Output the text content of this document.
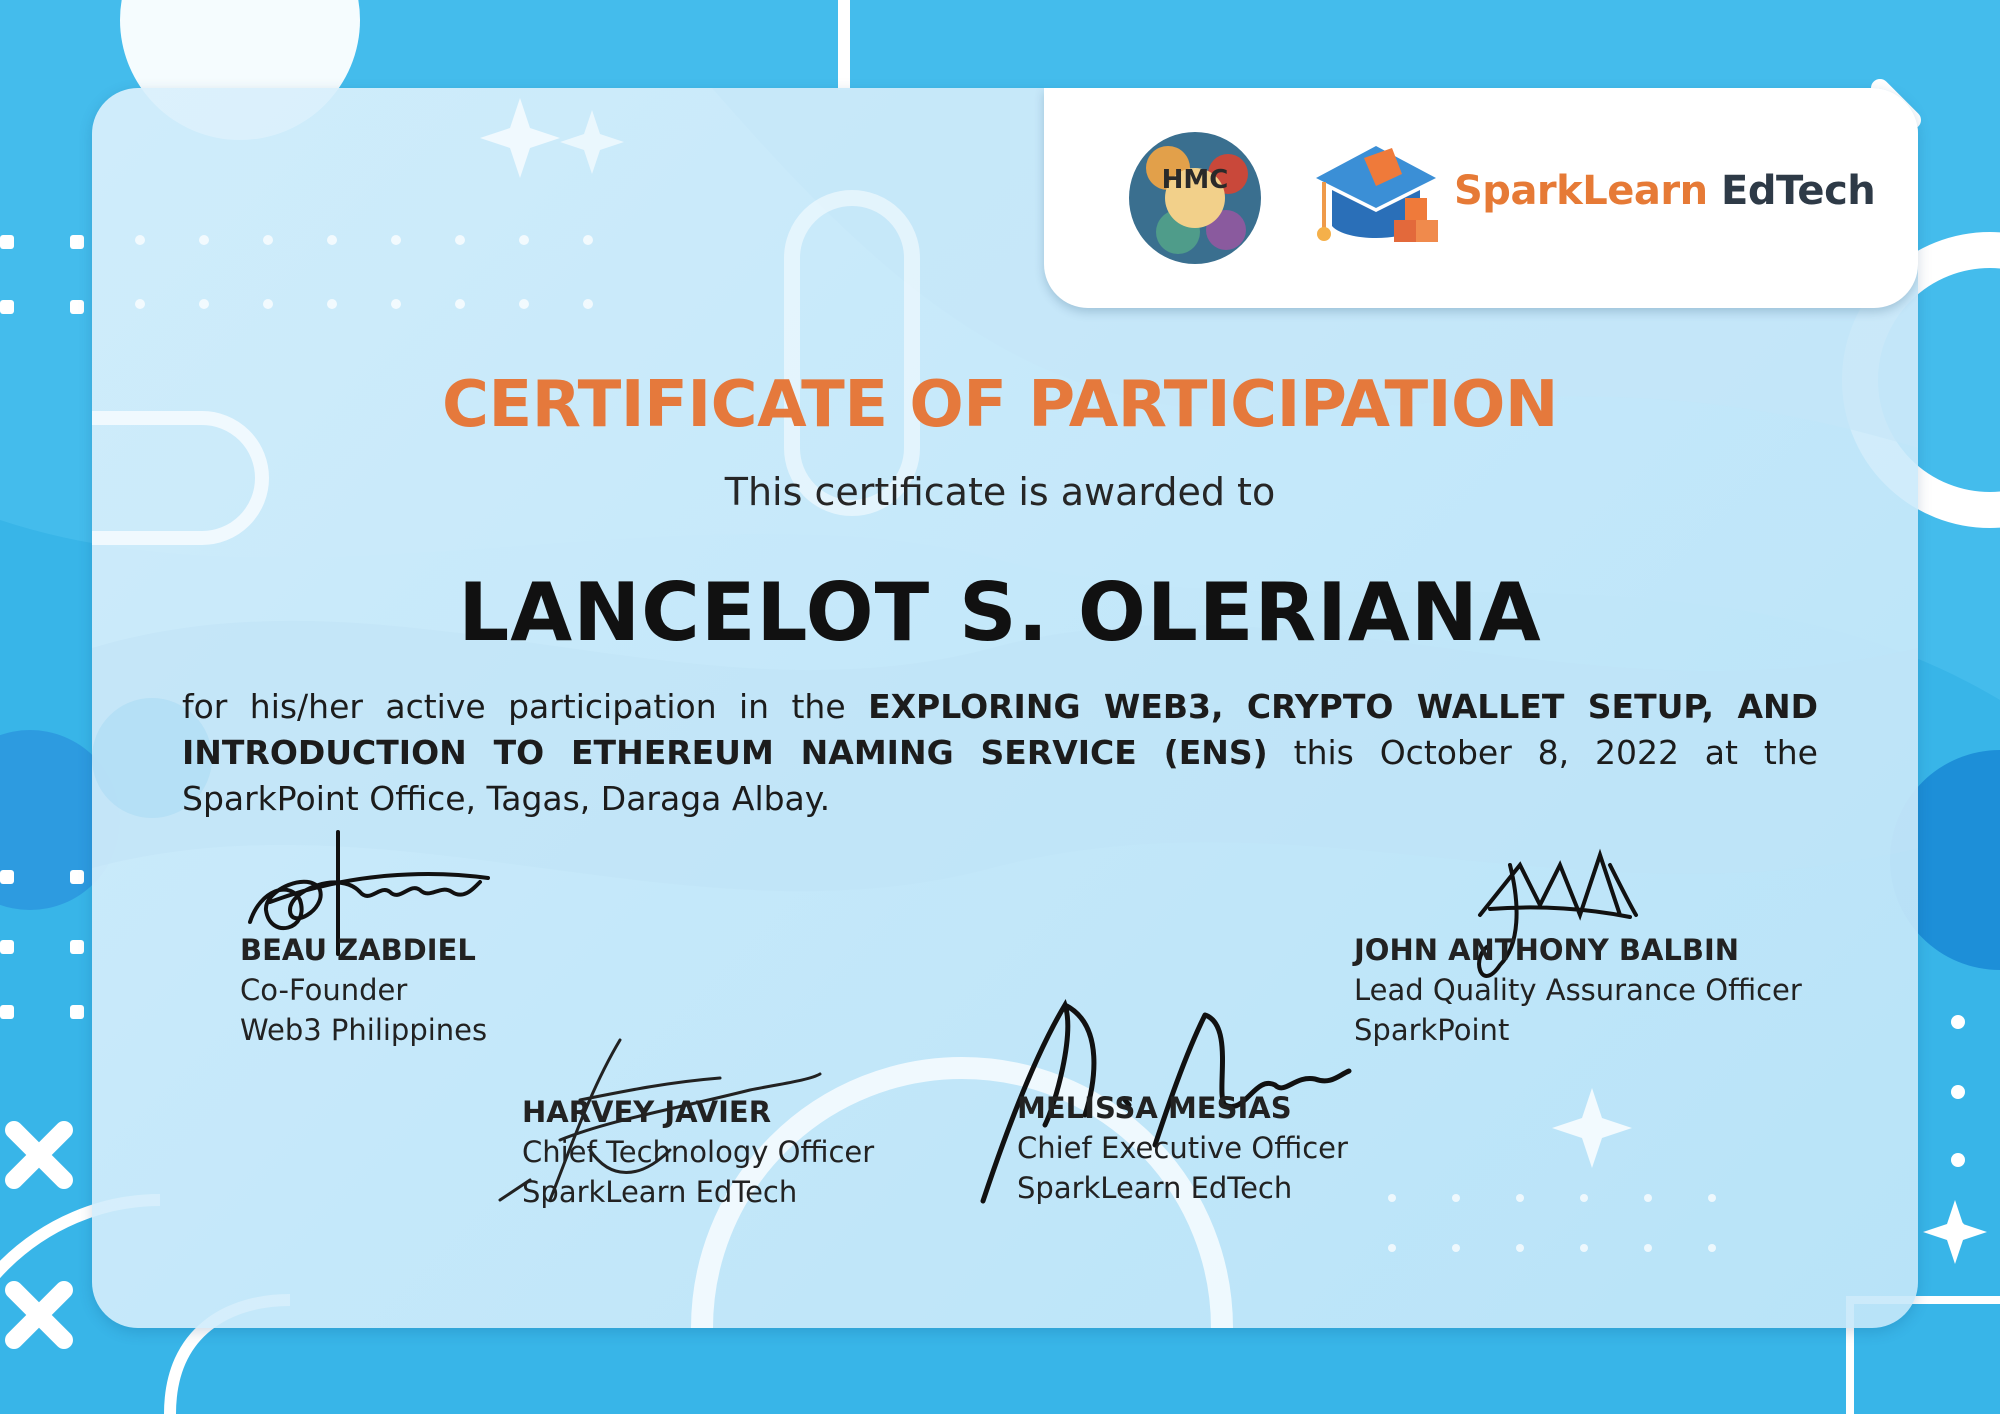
HMC	SparkLearn EdTech
CERTIFICATE OF PARTICIPATION
This certificate is awarded to
LANCELOT S. OLERIANA
for his/her active participation in the EXPLORING WEB3, CRYPTO WALLET SETUP, AND INTRODUCTION TO ETHEREUM NAMING SERVICE (ENS) this October 8, 2022 at the SparkPoint Office, Tagas, Daraga Albay.
BEAU ZABDIEL
Co-Founder
Web3 Philippines
HARVEY JAVIER
Chief Technology Officer
SparkLearn EdTech
MELISSA MESIAS
Chief Executive Officer
SparkLearn EdTech
JOHN ANTHONY BALBIN
Lead Quality Assurance Officer
SparkPoint
